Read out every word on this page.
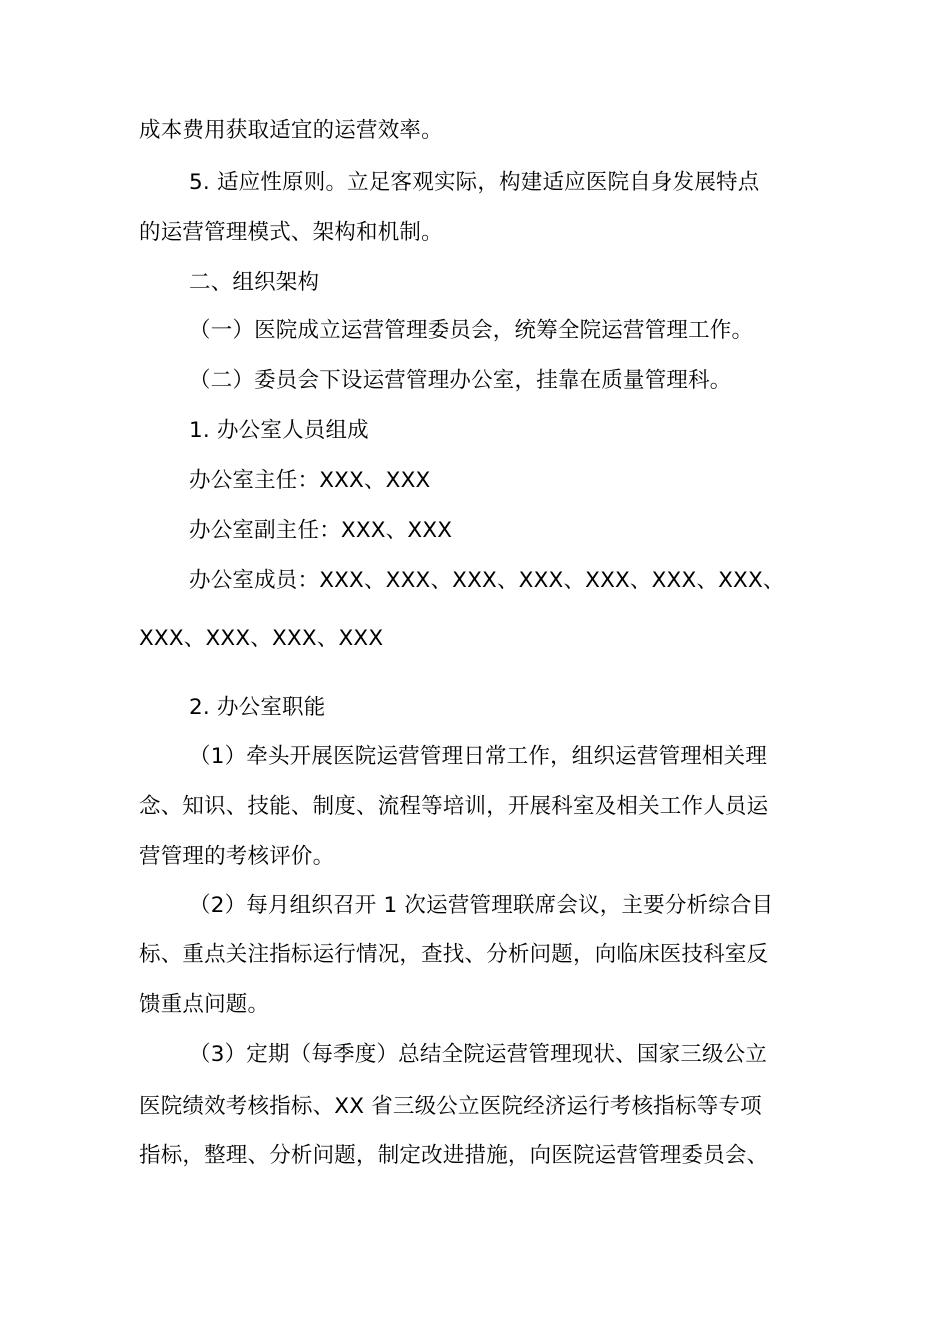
成本费用获取适宜的运营效率。

5. 适应性原则。立足客观实际，构建适应医院自身发展特点

的运营管理模式、架构和机制。

二、组织架构

（一）医院成立运营管理委员会，统筹全院运营管理工作。

（二）委员会下设运营管理办公室，挂靠在质量管理科。

1. 办公室人员组成

办公室主任：XXX、XXX

办公室副主任：XXX、XXX

办公室成员：XXX、XXX、XXX、XXX、XXX、XXX、XXX、

XXX、XXX、XXX、XXX

2. 办公室职能

（1）牵头开展医院运营管理日常工作，组织运营管理相关理

念、知识、技能、制度、流程等培训，开展科室及相关工作人员运

营管理的考核评价。

（2）每月组织召开 1 次运营管理联席会议，主要分析综合目

标、重点关注指标运行情况，查找、分析问题，向临床医技科室反

馈重点问题。

（3）定期（每季度）总结全院运营管理现状、国家三级公立

医院绩效考核指标、XX 省三级公立医院经济运行考核指标等专项

指标，整理、分析问题，制定改进措施，向医院运营管理委员会、
